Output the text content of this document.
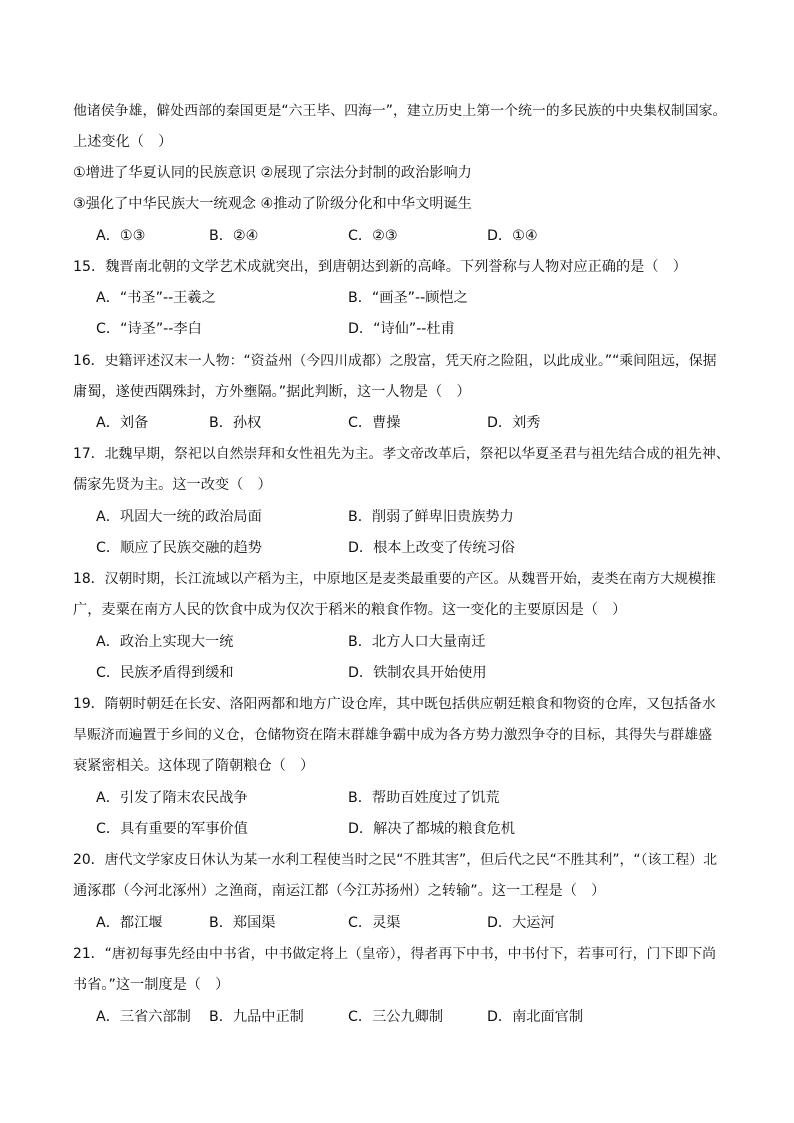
他诸侯争雄，僻处西部的秦国更是“六王毕、四海一”，建立历史上第一个统一的多民族的中央集权制国家。
上述变化（　）
①增进了华夏认同的民族意识 ②展现了宗法分封制的政治影响力
③强化了中华民族大一统观念 ④推动了阶级分化和中华文明诞生
A．①③	B．②④	C．②③	D．①④
15．魏晋南北朝的文学艺术成就突出，到唐朝达到新的高峰。下列誉称与人物对应正确的是（　）
A．“书圣”--王羲之	B．“画圣”--顾恺之
C．“诗圣”--李白	D．“诗仙”--杜甫
16．史籍评述汉末一人物：“资益州（今四川成都）之殷富，凭天府之险阻，以此成业。”“乘间阻远，保据
庸蜀，遂使西隅殊封，方外壅隔。”据此判断，这一人物是（　）
A．刘备	B．孙权	C．曹操	D．刘秀
17．北魏早期，祭祀以自然崇拜和女性祖先为主。孝文帝改革后，祭祀以华夏圣君与祖先结合成的祖先神、
儒家先贤为主。这一改变（　）
A．巩固大一统的政治局面	B．削弱了鲜卑旧贵族势力
C．顺应了民族交融的趋势	D．根本上改变了传统习俗
18．汉朝时期，长江流域以产稻为主，中原地区是麦类最重要的产区。从魏晋开始，麦类在南方大规模推
广，麦粟在南方人民的饮食中成为仅次于稻米的粮食作物。这一变化的主要原因是（　）
A．政治上实现大一统	B．北方人口大量南迁
C．民族矛盾得到缓和	D．铁制农具开始使用
19．隋朝时朝廷在长安、洛阳两都和地方广设仓库，其中既包括供应朝廷粮食和物资的仓库，又包括备水
旱赈济而遍置于乡间的义仓，仓储物资在隋末群雄争霸中成为各方势力激烈争夺的目标，其得失与群雄盛
衰紧密相关。这体现了隋朝粮仓（　）
A．引发了隋末农民战争	B．帮助百姓度过了饥荒
C．具有重要的军事价值	D．解决了都城的粮食危机
20．唐代文学家皮日休认为某一水利工程使当时之民“不胜其害”，但后代之民“不胜其利”，“（该工程）北
通涿郡（今河北涿州）之渔商，南运江都（今江苏扬州）之转输”。这一工程是（　）
A．都江堰	B．郑国渠	C．灵渠	D．大运河
21．“唐初每事先经由中书省，中书做定将上（皇帝），得者再下中书，中书付下，若事可行，门下即下尚
书省。”这一制度是（　）
A．三省六部制 B．九品中正制	C．三公九卿制	D．南北面官制
